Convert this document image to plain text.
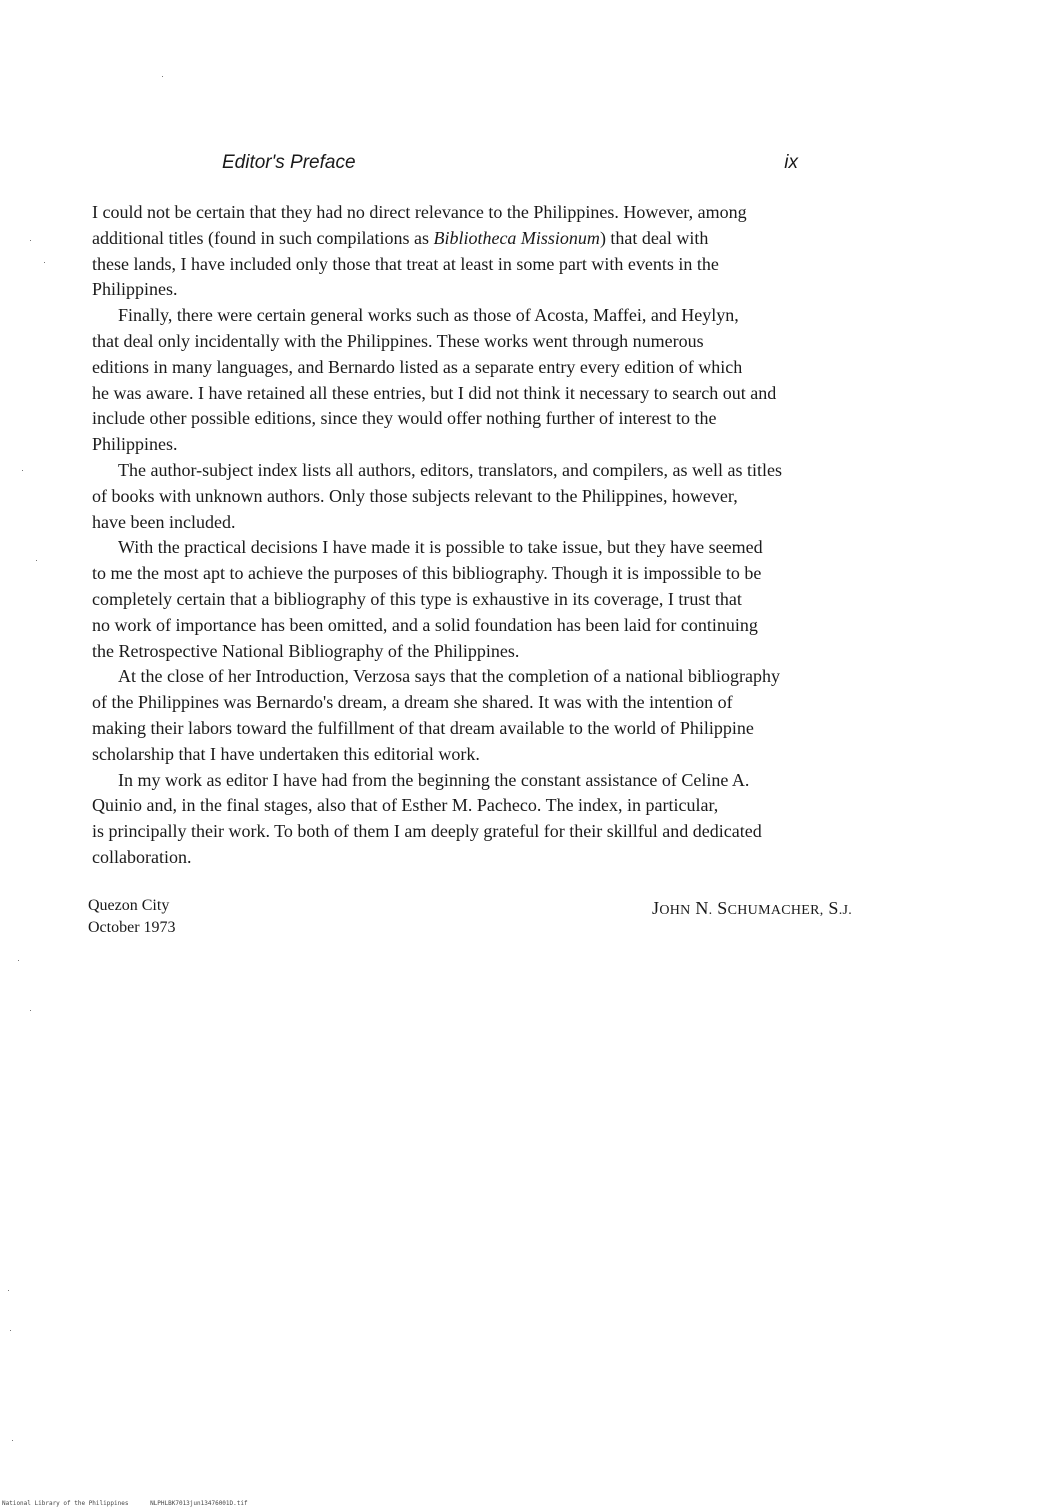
Editor's Preface	ix
I could not be certain that they had no direct relevance to the Philippines. However, among
additional titles (found in such compilations as Bibliotheca Missionum) that deal with
these lands, I have included only those that treat at least in some part with events in the
Philippines.
Finally, there were certain general works such as those of Acosta, Maffei, and Heylyn,
that deal only incidentally with the Philippines. These works went through numerous
editions in many languages, and Bernardo listed as a separate entry every edition of which
he was aware. I have retained all these entries, but I did not think it necessary to search out and
include other possible editions, since they would offer nothing further of interest to the
Philippines.
The author-subject index lists all authors, editors, translators, and compilers, as well as titles
of books with unknown authors. Only those subjects relevant to the Philippines, however,
have been included.
With the practical decisions I have made it is possible to take issue, but they have seemed
to me the most apt to achieve the purposes of this bibliography. Though it is impossible to be
completely certain that a bibliography of this type is exhaustive in its coverage, I trust that
no work of importance has been omitted, and a solid foundation has been laid for continuing
the Retrospective National Bibliography of the Philippines.
At the close of her Introduction, Verzosa says that the completion of a national bibliography
of the Philippines was Bernardo's dream, a dream she shared. It was with the intention of
making their labors toward the fulfillment of that dream available to the world of Philippine
scholarship that I have undertaken this editorial work.
In my work as editor I have had from the beginning the constant assistance of Celine A.
Quinio and, in the final stages, also that of Esther M. Pacheco. The index, in particular,
is principally their work. To both of them I am deeply grateful for their skillful and dedicated
collaboration.
Quezon City
October 1973
JOHN N. SCHUMACHER, S.J.
National Library of the Philippines	NLPHLBK7013jun13476001D.tif
